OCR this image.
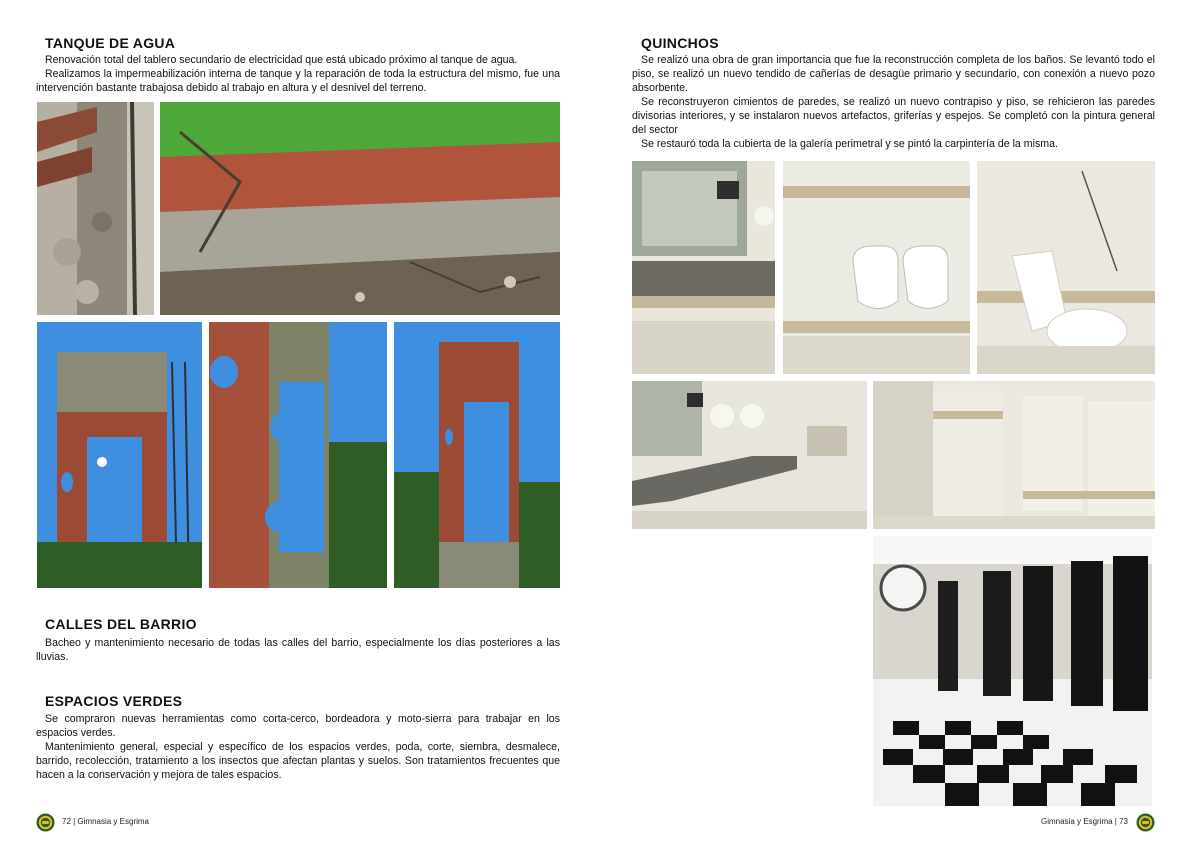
TANQUE DE AGUA

Renovación total del tablero secundario de electricidad que está ubicado próximo al tanque de agua.

Realizamos la impermeabilización interna de tanque y la reparación de toda la estructura del mismo, fue una intervención bastante trabajosa debido al trabajo en altura y el desnivel del terreno.

CALLES DEL BARRIO

Bacheo y mantenimiento necesario de todas las calles del barrio, especialmente los días posteriores a las lluvias.

ESPACIOS VERDES

Se compraron nuevas herramientas como corta-cerco, bordeadora y moto-sierra para trabajar en los espacios verdes.

Mantenimiento general, especial y específico de los espacios verdes, poda, corte, siembra, desmalece, barrido, recolección, tratamiento a los insectos que afectan plantas y suelos. Son tratamientos frecuentes que hacen a la conservación y mejora de tales espacios.

72 | Gimnasia y Esgrima
QUINCHOS

Se realizó una obra de gran importancia que fue la reconstrucción completa de los baños. Se levantó todo el piso, se realizó un nuevo tendido de cañerías de desagüe primario y secundario, con conexión a nuevo pozo absorbente.

Se reconstruyeron cimientos de paredes, se realizó un nuevo contrapiso y piso, se rehicieron las paredes divisorias interiores, y se instalaron nuevos artefactos, griferías y espejos. Se completó con la pintura general del sector

Se restauró toda la cubierta de la galería perimetral y se pintó la carpintería de la misma.

Gimnasia y Esgrima | 73
